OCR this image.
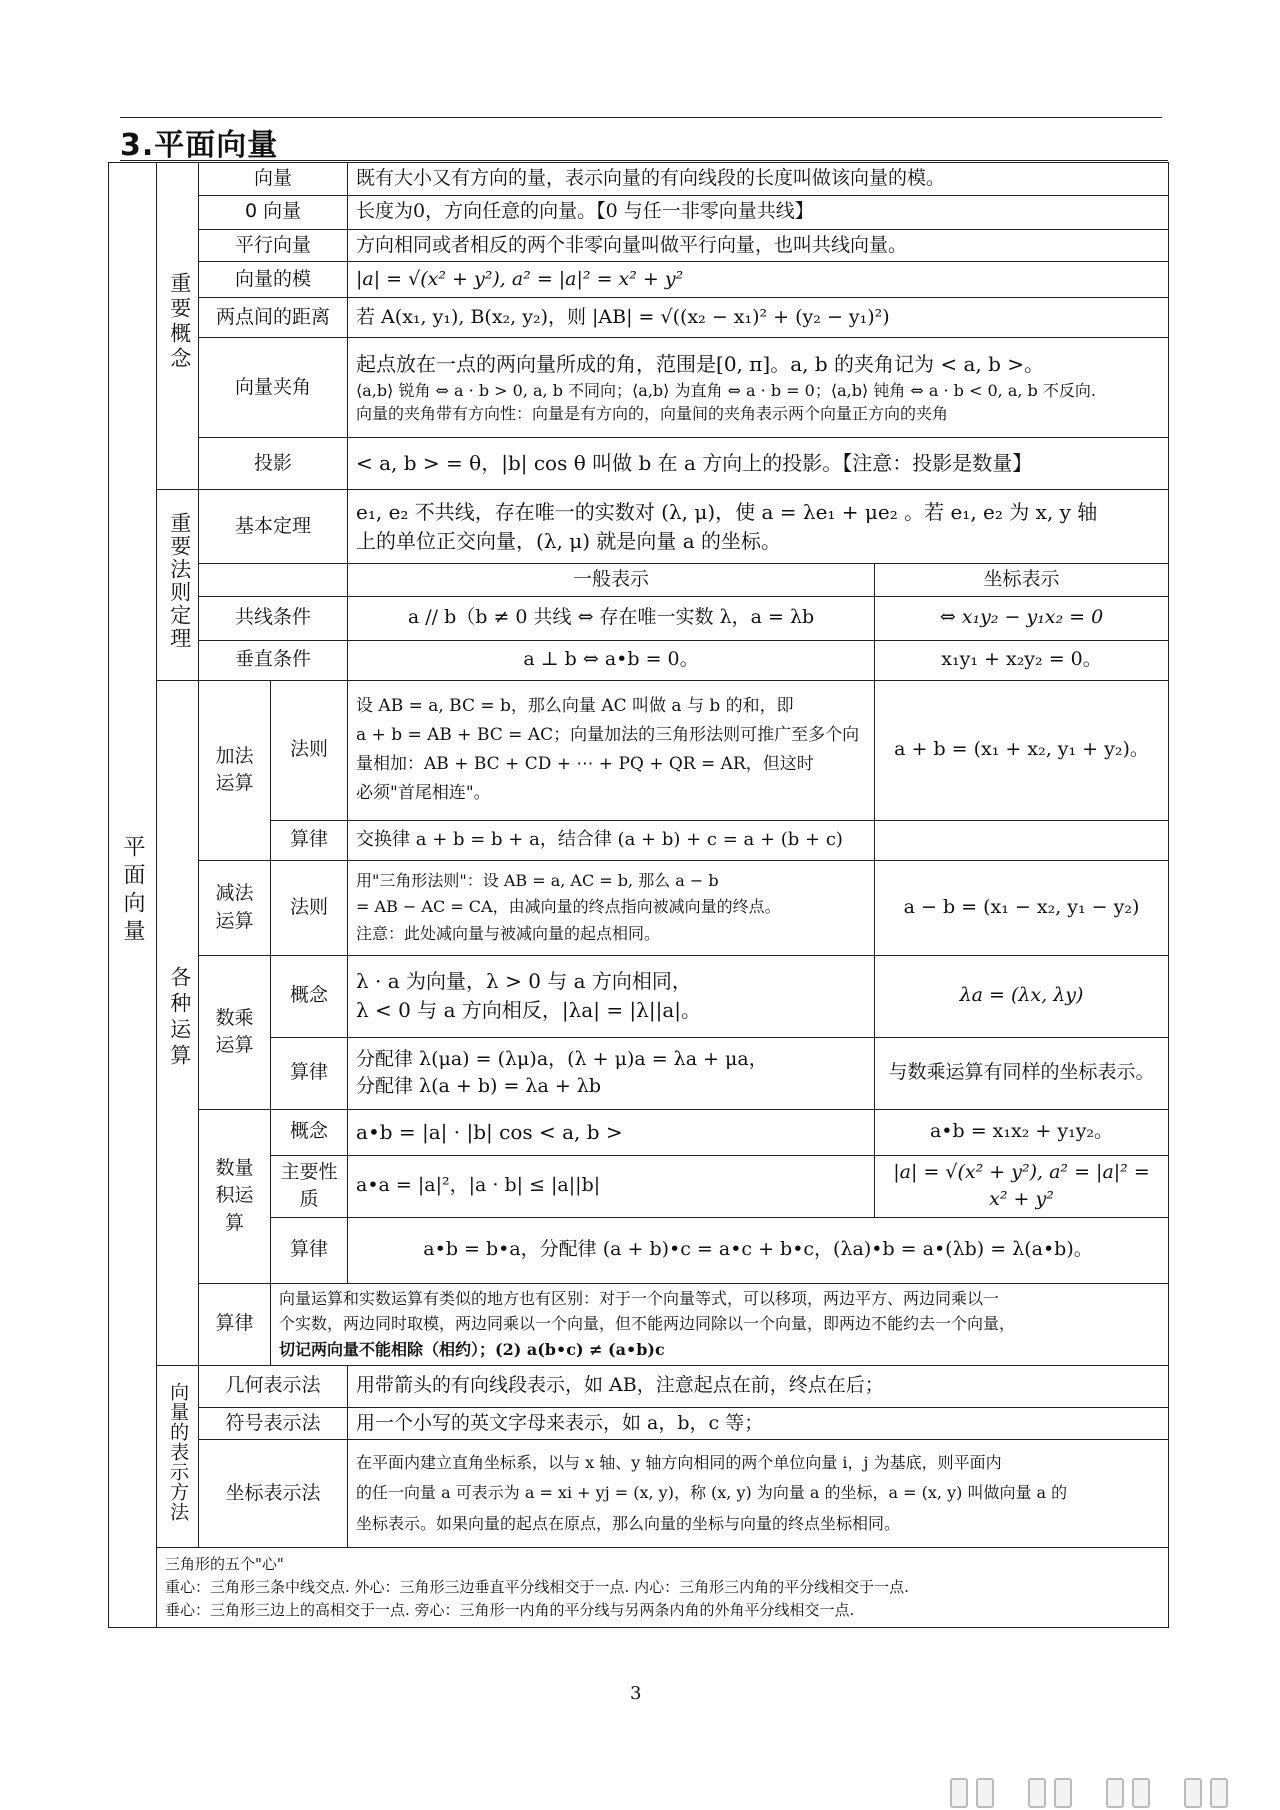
3.平面向量
平面向量	重要概念	向量		既有大小又有方向的量，表示向量的有向线段的长度叫做该向量的模。	
		0 向量		长度为0，方向任意的向量。【0 与任一非零向量共线】	
		平行向量		方向相同或者相反的两个非零向量叫做平行向量，也叫共线向量。	
		向量的模		|a| = √(x² + y²), a² = |a|² = x² + y²	
		两点间的距离		若 A(x₁, y₁), B(x₂, y₂)，则 |AB| = √((x₂ − x₁)² + (y₂ − y₁)²)	
		向量夹角		起点放在一点的两向量所成的角，范围是[0, π]。a, b 的夹角记为 < a, b >。
⟨a,b⟩ 锐角 ⇔ a · b > 0, a, b 不同向；⟨a,b⟩ 为直角 ⇔ a · b = 0；⟨a,b⟩ 钝角 ⇔ a · b < 0, a, b 不反向.
向量的夹角带有方向性：向量是有方向的，向量间的夹角表示两个向量正方向的夹角	

		投影		< a, b > = θ，|b| cos θ 叫做 b 在 a 方向上的投影。【注意：投影是数量】	
	重要法则定理	基本定理		e₁, e₂ 不共线，存在唯一的实数对 (λ, μ)，使 a = λe₁ + μe₂ 。若 e₁, e₂ 为 x, y 轴
上的单位正交向量，(λ, μ) 就是向量 a 的坐标。	

				一般表示	坐标表示
		共线条件		a // b（b ≠ 0 共线 ⇔ 存在唯一实数 λ，a = λb	⇔ x₁y₂ − y₁x₂ = 0
		垂直条件		a ⊥ b ⇔ a•b = 0。	x₁y₁ + x₂y₂ = 0。
	各种运算	加法运算	法则	设 AB = a, BC = b，那么向量 AC 叫做 a 与 b 的和，即
a + b = AB + BC = AC；向量加法的三角形法则可推广至多个向
量相加：AB + BC + CD + ⋯ + PQ + QR = AR，但这时
必须"首尾相连"。	a + b = (x₁ + x₂, y₁ + y₂)。
			算律	交换律 a + b = b + a，结合律 (a + b) + c = a + (b + c)	
		减法运算	法则	用"三角形法则"：设 AB = a, AC = b, 那么 a − b
= AB − AC = CA，由减向量的终点指向被减向量的终点。
注意：此处减向量与被减向量的起点相同。	a − b = (x₁ − x₂, y₁ − y₂)
		数乘运算	概念	λ · a 为向量，λ > 0 与 a 方向相同，
λ < 0 与 a 方向相反，|λa| = |λ||a|。	λa = (λx, λy)
			算律	分配律 λ(μa) = (λμ)a，(λ + μ)a = λa + μa，
分配律 λ(a + b) = λa + λb	与数乘运算有同样的坐标表示。
		数量积运算	概念	a•b = |a| · |b| cos < a, b >	a•b = x₁x₂ + y₁y₂。
			主要性质	a•a = |a|²，|a · b| ≤ |a||b|	|a| = √(x² + y²), a² = |a|² = x² + y²
			算律	a•b = b•a，分配律 (a + b)•c = a•c + b•c，(λa)•b = a•(λb) = λ(a•b)。	
		算律	向量运算和实数运算有类似的地方也有区别：对于一个向量等式，可以移项，两边平方、两边同乘以一
个实数，两边同时取模，两边同乘以一个向量，但不能两边同除以一个向量，即两边不能约去一个向量，
切记两向量不能相除（相约）；(2) a(b•c) ≠ (a•b)c		

	向量的表示方法	几何表示法		用带箭头的有向线段表示，如 AB，注意起点在前，终点在后；	
		符号表示法		用一个小写的英文字母来表示，如 a，b，c 等；	
		坐标表示法		在平面内建立直角坐标系，以与 x 轴、y 轴方向相同的两个单位向量 i，j 为基底，则平面内
的任一向量 a 可表示为 a = xi + yj = (x, y)，称 (x, y) 为向量 a 的坐标，a = (x, y) 叫做向量 a 的
坐标表示。如果向量的起点在原点，那么向量的坐标与向量的终点坐标相同。	

	三角形的五个"心"
重心：三角形三条中线交点. 外心：三角形三边垂直平分线相交于一点. 内心：三角形三内角的平分线相交于一点.
垂心：三角形三边上的高相交于一点. 旁心：三角形一内角的平分线与另两条内角的外角平分线相交一点.				
3
